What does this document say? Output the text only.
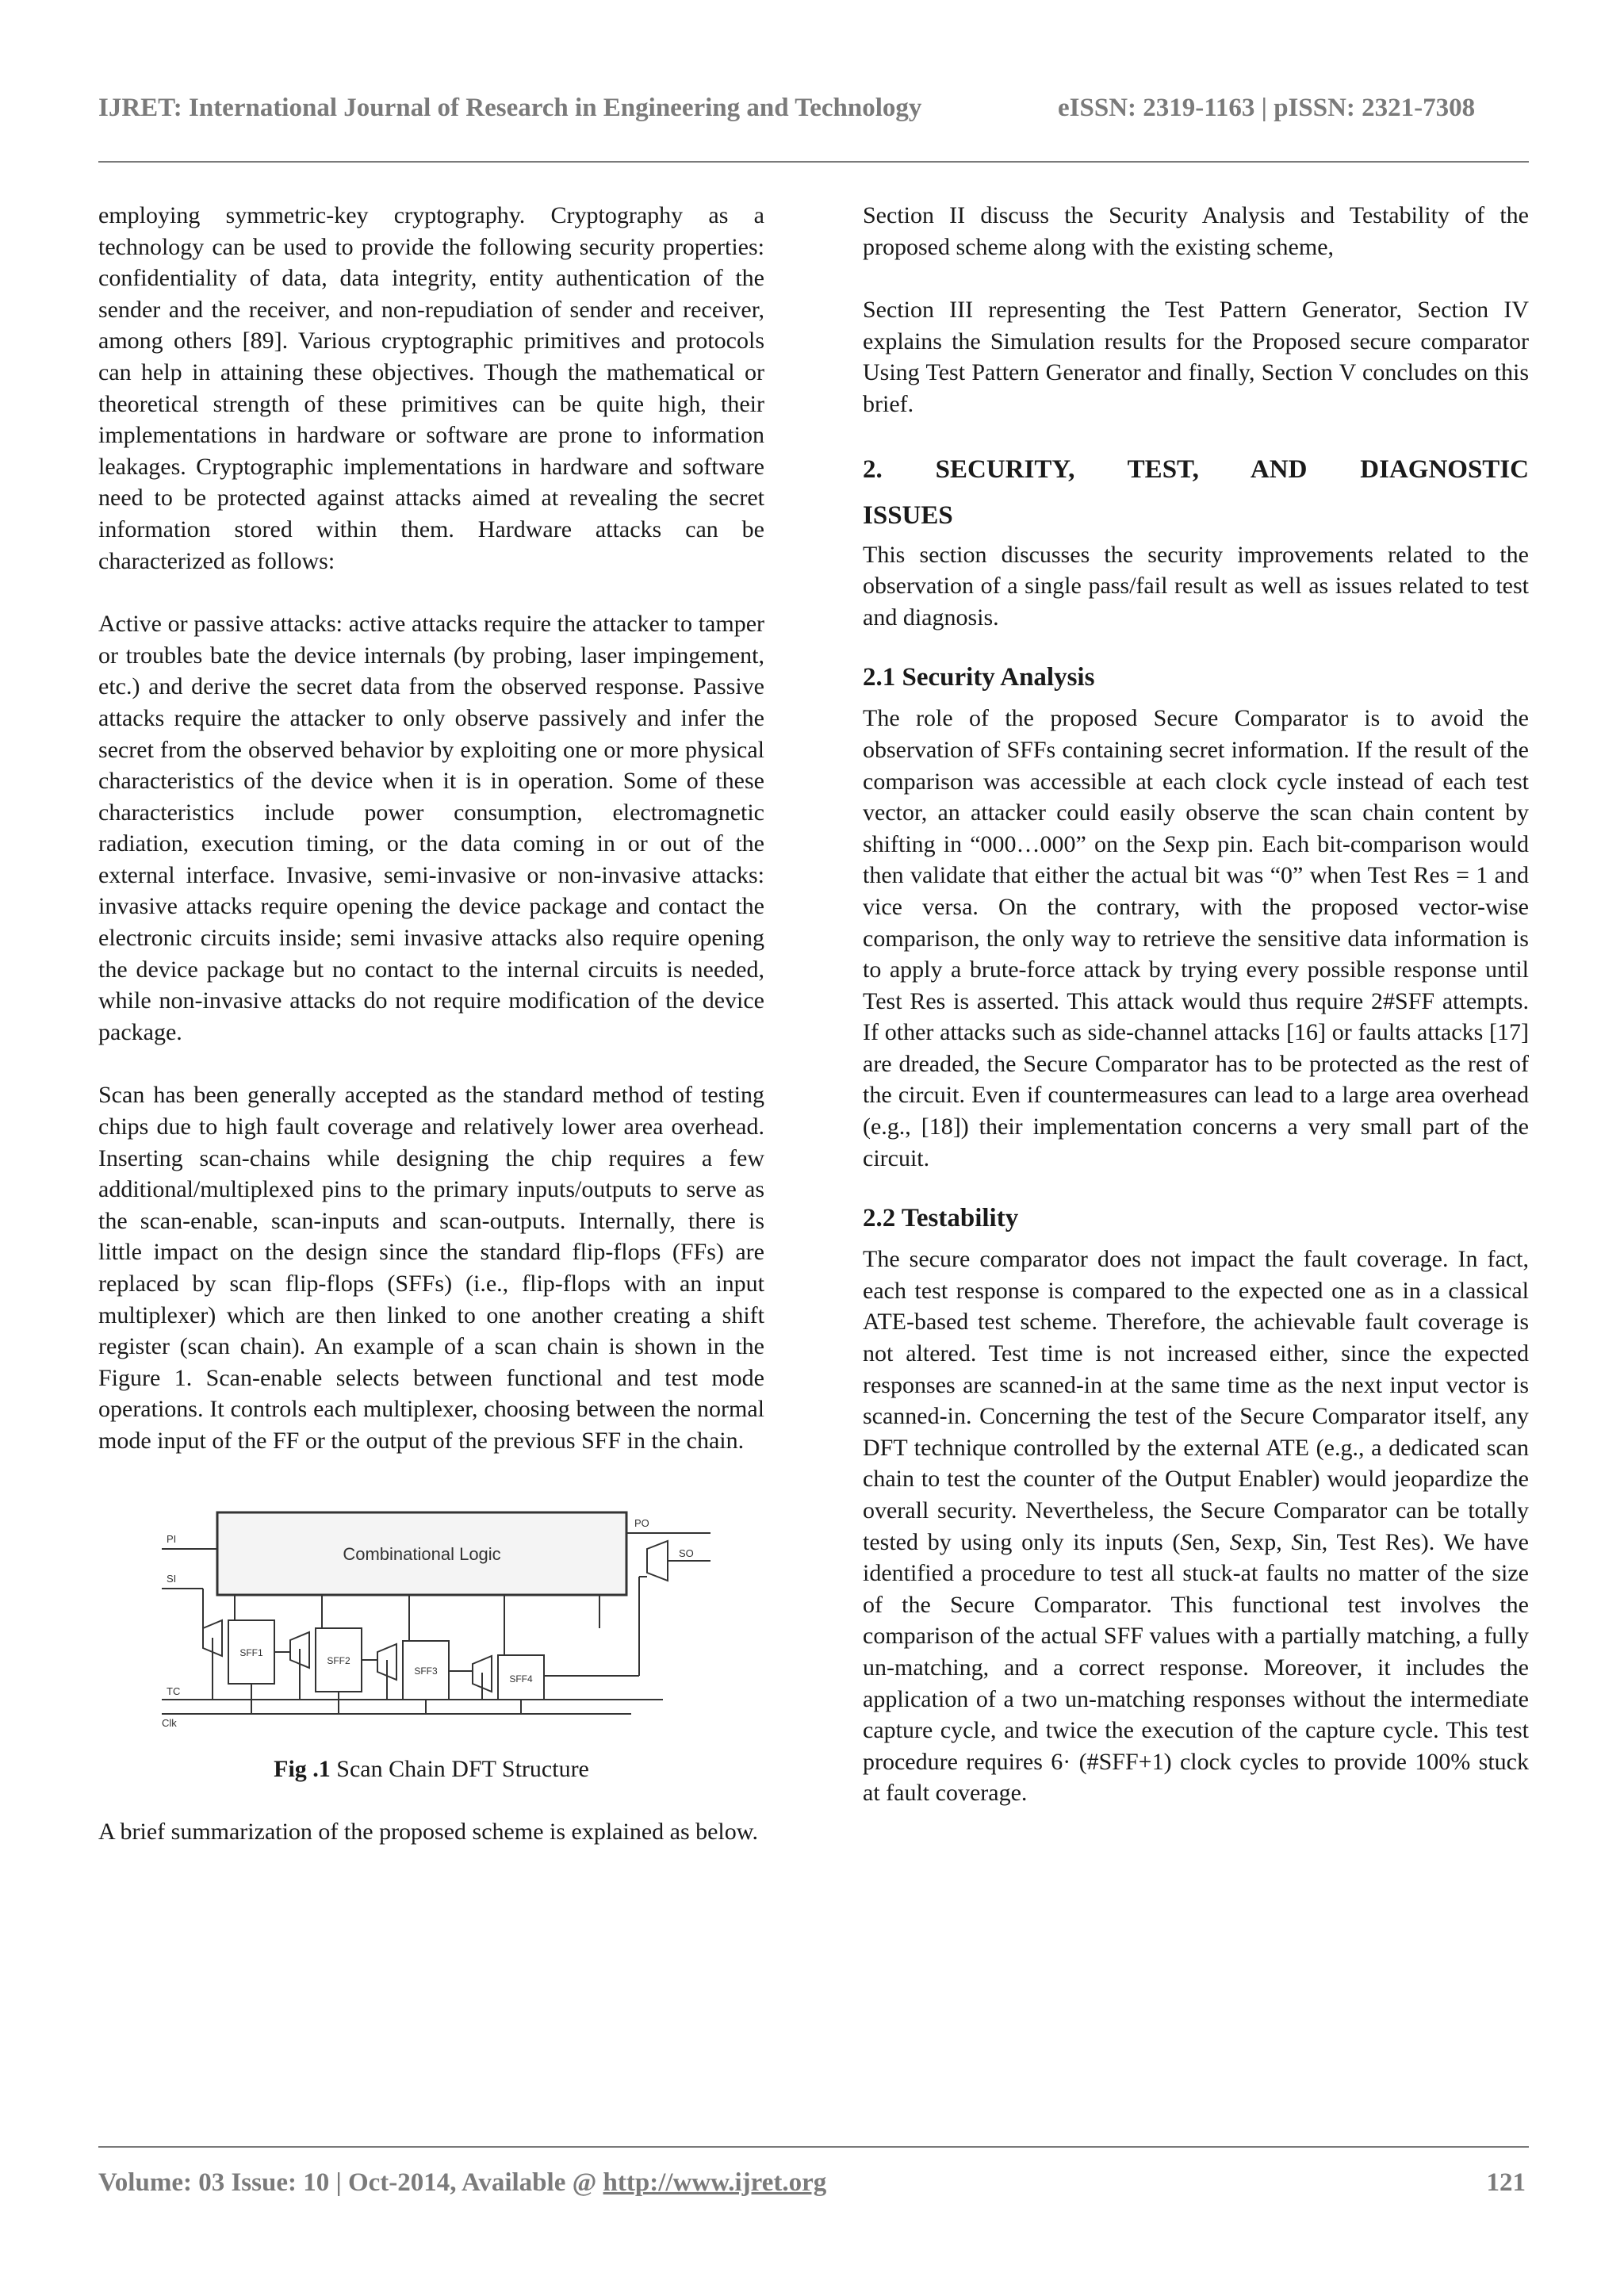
IJRET: International Journal of Research in Engineering and Technology	eISSN: 2319-1163 | pISSN: 2321-7308

employing symmetric-key cryptography. Cryptography as a technology can be used to provide the following security properties: confidentiality of data, data integrity, entity authentication of the sender and the receiver, and non-repudiation of sender and receiver, among others [89]. Various cryptographic primitives and protocols can help in attaining these objectives. Though the mathematical or theoretical strength of these primitives can be quite high, their implementations in hardware or software are prone to information leakages. Cryptographic implementations in hardware and software need to be protected against attacks aimed at revealing the secret information stored within them. Hardware attacks can be characterized as follows:

Active or passive attacks: active attacks require the attacker to tamper or troubles bate the device internals (by probing, laser impingement, etc.) and derive the secret data from the observed response. Passive attacks require the attacker to only observe passively and infer the secret from the observed behavior by exploiting one or more physical characteristics of the device when it is in operation. Some of these characteristics include power consumption, electromagnetic radiation, execution timing, or the data coming in or out of the external interface. Invasive, semi-invasive or non-invasive attacks: invasive attacks require opening the device package and contact the electronic circuits inside; semi invasive attacks also require opening the device package but no contact to the internal circuits is needed, while non-invasive attacks do not require modification of the device package.

Scan has been generally accepted as the standard method of testing chips due to high fault coverage and relatively lower area overhead. Inserting scan-chains while designing the chip requires a few additional/multiplexed pins to the primary inputs/outputs to serve as the scan-enable, scan-inputs and scan-outputs. Internally, there is little impact on the design since the standard flip-flops (FFs) are replaced by scan flip-flops (SFFs) (i.e., flip-flops with an input multiplexer) which are then linked to one another creating a shift register (scan chain). An example of a scan chain is shown in the Figure 1. Scan-enable selects between functional and test mode operations. It controls each multiplexer, choosing between the normal mode input of the FF or the output of the previous SFF in the chain.

Combinational Logic
PI
SI
TC
Clk
PO
SO
SFF1
SFF2
SFF3
SFF4

Fig .1 Scan Chain DFT Structure

A brief summarization of the proposed scheme is explained as below.

Section II discuss the Security Analysis and Testability of the proposed scheme along with the existing scheme,

Section III representing the Test Pattern Generator, Section IV explains the Simulation results for the Proposed secure comparator Using Test Pattern Generator and finally, Section V concludes on this brief.

2. SECURITY, TEST, AND DIAGNOSTIC

ISSUES

This section discusses the security improvements related to the observation of a single pass/fail result as well as issues related to test and diagnosis.

2.1 Security Analysis

The role of the proposed Secure Comparator is to avoid the observation of SFFs containing secret information. If the result of the comparison was accessible at each clock cycle instead of each test vector, an attacker could easily observe the scan chain content by shifting in “000…000” on the Sexp pin. Each bit-comparison would then validate that either the actual bit was “0” when Test Res = 1 and vice versa. On the contrary, with the proposed vector-wise comparison, the only way to retrieve the sensitive data information is to apply a brute-force attack by trying every possible response until Test Res is asserted. This attack would thus require 2#SFF attempts. If other attacks such as side-channel attacks [16] or faults attacks [17] are dreaded, the Secure Comparator has to be protected as the rest of the circuit. Even if countermeasures can lead to a large area overhead (e.g., [18]) their implementation concerns a very small part of the circuit.

2.2 Testability

The secure comparator does not impact the fault coverage. In fact, each test response is compared to the expected one as in a classical ATE-based test scheme. Therefore, the achievable fault coverage is not altered. Test time is not increased either, since the expected responses are scanned-in at the same time as the next input vector is scanned-in. Concerning the test of the Secure Comparator itself, any DFT technique controlled by the external ATE (e.g., a dedicated scan chain to test the counter of the Output Enabler) would jeopardize the overall security. Nevertheless, the Secure Comparator can be totally tested by using only its inputs (Sen, Sexp, Sin, Test Res). We have identified a procedure to test all stuck-at faults no matter of the size of the Secure Comparator. This functional test involves the comparison of the actual SFF values with a partially matching, a fully un-matching, and a correct response. Moreover, it includes the application of a two un-matching responses without the intermediate capture cycle, and twice the execution of the capture cycle. This test procedure requires 6· (#SFF+1) clock cycles to provide 100% stuck at fault coverage.

Volume: 03 Issue: 10 | Oct-2014, Available @ http://www.ijret.org	121
